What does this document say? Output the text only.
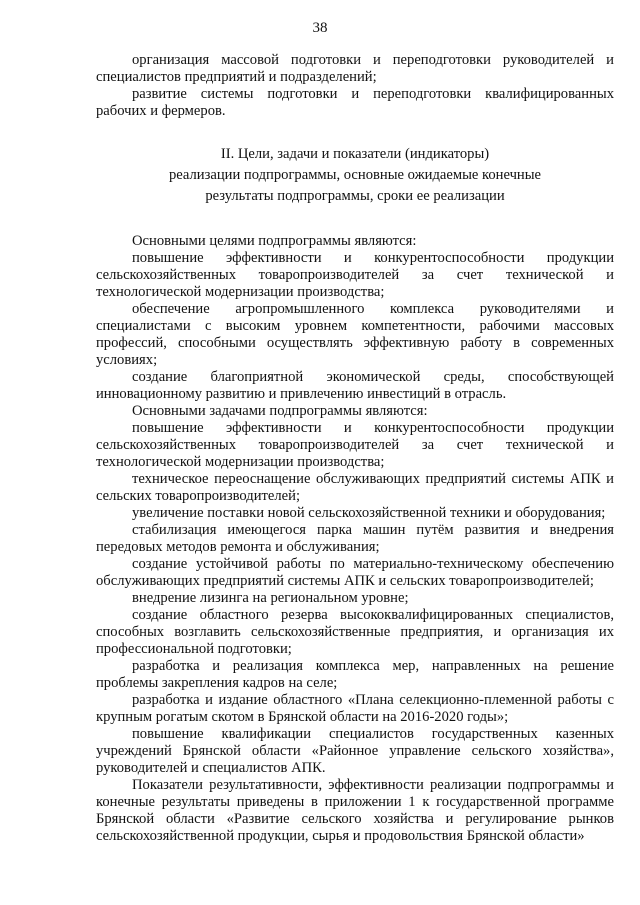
38

организация массовой подготовки и переподготовки руководителей и специалистов предприятий и подразделений;

развитие системы подготовки и переподготовки квалифицированных рабочих и фермеров.

II. Цели, задачи и показатели (индикаторы)
реализации подпрограммы, основные ожидаемые конечные
результаты подпрограммы, сроки ее реализации

Основными целями подпрограммы являются:

повышение эффективности и конкурентоспособности продукции сельскохозяйственных товаропроизводителей за счет технической и технологической модернизации производства;

обеспечение агропромышленного комплекса руководителями и специалистами с высоким уровнем компетентности, рабочими массовых профессий, способными осуществлять эффективную работу в современных условиях;

создание благоприятной экономической среды, способствующей инновационному развитию и привлечению инвестиций в отрасль.

Основными задачами подпрограммы являются:

повышение эффективности и конкурентоспособности продукции сельскохозяйственных товаропроизводителей за счет технической и технологической модернизации производства;

техническое переоснащение обслуживающих предприятий системы АПК и сельских товаропроизводителей;

увеличение поставки новой сельскохозяйственной техники и оборудования;

стабилизация имеющегося парка машин путём развития и внедрения передовых методов ремонта и обслуживания;

создание устойчивой работы по материально-техническому обеспечению обслуживающих предприятий системы АПК и сельских товаропроизводителей;

внедрение лизинга на региональном уровне;

создание областного резерва высококвалифицированных специалистов, способных возглавить сельскохозяйственные предприятия, и организация их профессиональной подготовки;

разработка и реализация комплекса мер, направленных на решение проблемы закрепления кадров на селе;

разработка и издание областного «Плана селекционно-племенной работы с крупным рогатым скотом в Брянской области на 2016-2020 годы»;

повышение квалификации специалистов государственных казенных учреждений Брянской области «Районное управление сельского хозяйства», руководителей и специалистов АПК.

Показатели результативности, эффективности реализации подпрограммы и конечные результаты приведены в приложении 1 к государственной программе Брянской области «Развитие сельского хозяйства и регулирование рынков сельскохозяйственной продукции, сырья и продовольствия Брянской области»
